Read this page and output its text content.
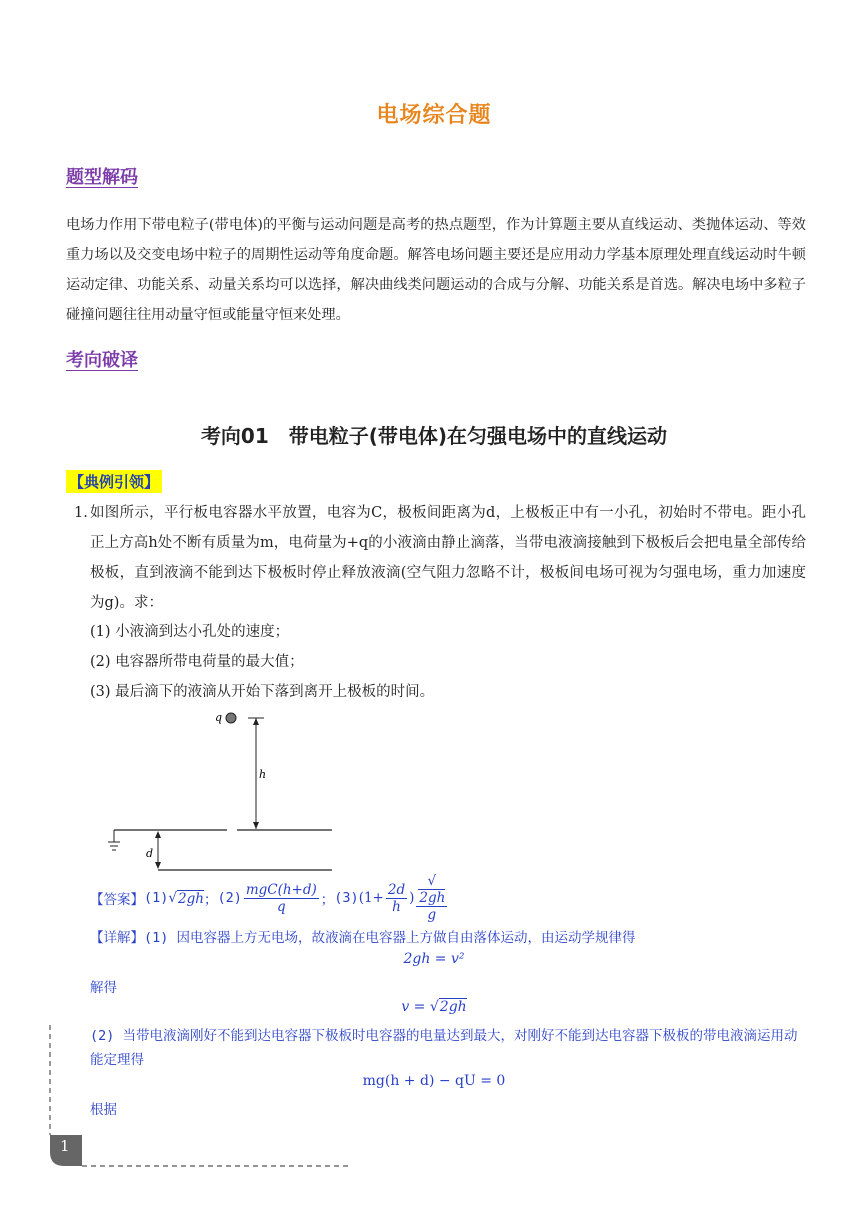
电场综合题
题型解码
电场力作用下带电粒子(带电体)的平衡与运动问题是高考的热点题型，作为计算题主要从直线运动、类抛体运动、等效重力场以及交变电场中粒子的周期性运动等角度命题。解答电场问题主要还是应用动力学基本原理处理直线运动时牛顿运动定律、功能关系、动量关系均可以选择，解决曲线类问题运动的合成与分解、功能关系是首选。解决电场中多粒子碰撞问题往往用动量守恒或能量守恒来处理。
考向破译
考向01　带电粒子(带电体)在匀强电场中的直线运动
【典例引领】
1. 如图所示，平行板电容器水平放置，电容为C，极板间距离为d，上极板正中有一小孔，初始时不带电。距小孔正上方高h处不断有质量为m，电荷量为+q的小液滴由静止滴落，当带电液滴接触到下极板后会把电量全部传给极板，直到液滴不能到达下极板时停止释放液滴(空气阻力忽略不计，极板间电场可视为匀强电场，重力加速度为g)。求：
(1) 小液滴到达小孔处的速度；
(2) 电容器所带电荷量的最大值；
(3) 最后滴下的液滴从开始下落到离开上极板的时间。
q
h
d
【答案】 (1) √ 2gh ； $(2) \frac{\text{mgC(h+d)}}{q}$ ； (3) ($1+ \frac{2d}{h}$ ) √
2gh
g
【详解】(1) 因电容器上方无电场，故液滴在电容器上方做自由落体运动，由运动学规律得
2gh = v²
解得
v = √2gh
(2) 当带电液滴刚好不能到达电容器下极板时电容器的电量达到最大，对刚好不能到达电容器下极板的带电液滴运用动能定理得
mg(h + d) − qU = 0
根据
1
